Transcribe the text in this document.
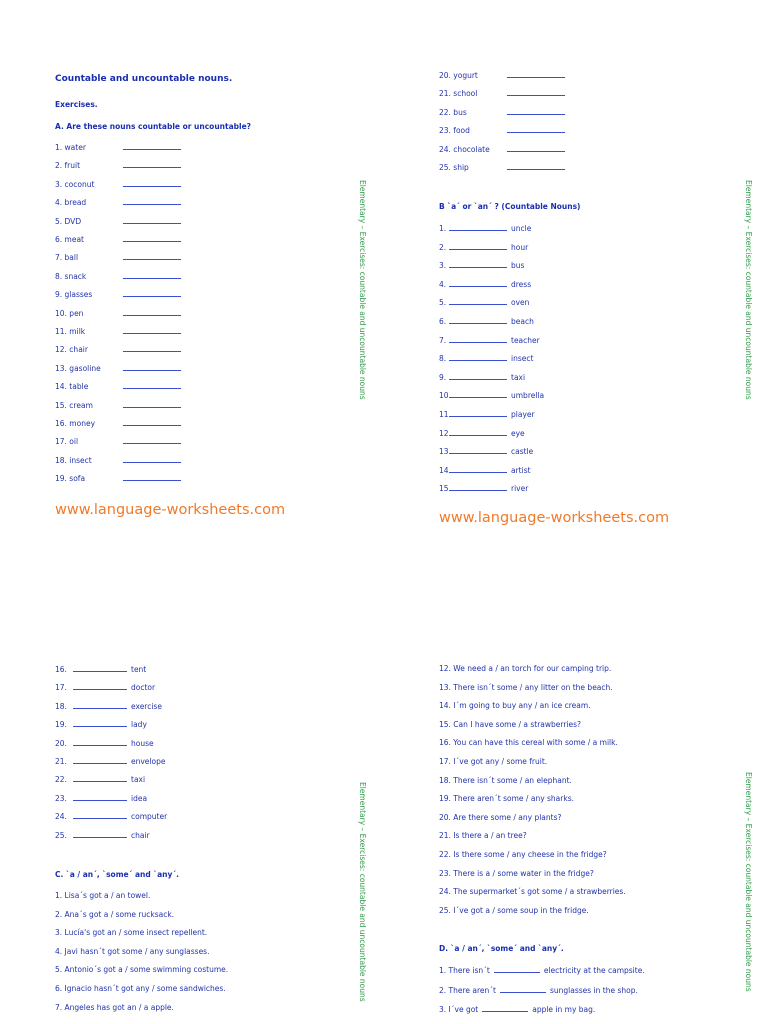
Countable and uncountable nouns.
Exercises.
A. Are these nouns countable or uncountable?
1. water
2. fruit
3. coconut
4. bread
5. DVD
6. meat
7. ball
8. snack
9. glasses
10. pen
11. milk
12. chair
13. gasoline
14. table
15. cream
16. money
17. oil
18. insect
19. sofa
Elementary – Exercises: countable and uncountable nouns
www.language-worksheets.com
20. yogurt
21. school
22. bus
23. food
24. chocolate
25. ship
B `a´ or `an´ ? (Countable Nouns)
1.	uncle
2.	hour
3.	bus
4.	dress
5.	oven
6.	beach
7.	teacher
8.	insect
9.	taxi
10.	umbrella
11.	player
12.	eye
13.	castle
14.	artist
15.	river
Elementary – Exercises: countable and uncountable nouns
www.language-worksheets.com
16.	tent
17.	doctor
18.	exercise
19.	lady
20.	house
21.	envelope
22.	taxi
23.	idea
24.	computer
25.	chair
C. `a / an´, `some´ and `any´.
1. Lisa´s got a / an towel.
2. Ana´s got a / some rucksack.
3. Lucía's got an / some insect repellent.
4. Javi hasn´t got some / any sunglasses.
5. Antonio´s got a / some swimming costume.
6. Ignacio hasn´t got any / some sandwiches.
7. Angeles has got an / a apple.
Elementary – Exercises: countable and uncountable nouns
12. We need a / an torch for our camping trip.
13. There isn´t some / any litter on the beach.
14. I´m going to buy any / an ice cream.
15. Can I have some / a strawberries?
16. You can have this cereal with some / a milk.
17. I´ve got any / some fruit.
18. There isn´t some / an elephant.
19. There aren´t some / any sharks.
20. Are there some / any plants?
21. Is there a / an tree?
22. Is there some / any cheese in the fridge?
23. There is a / some water in the fridge?
24. The supermarket´s got some / a strawberries.
25. I´ve got a / some soup in the fridge.
D. `a / an´, `some´ and `any´.
1. There isn´t	electricity at the campsite.
2. There aren´t	sunglasses in the shop.
3. I´ve got	apple in my bag.
Elementary – Exercises: countable and uncountable nouns
